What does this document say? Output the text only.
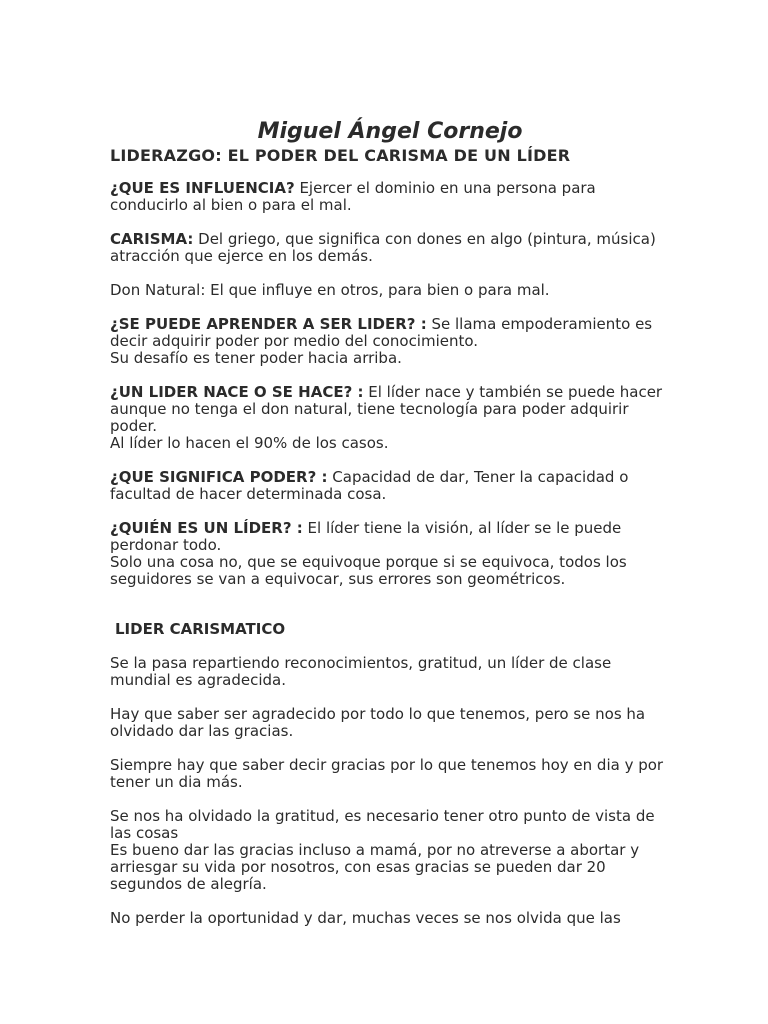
Miguel Ángel Cornejo
LIDERAZGO: EL PODER DEL CARISMA DE UN LÍDER

¿QUE ES INFLUENCIA? Ejercer el dominio en una persona para conducirlo al bien o para el mal.

CARISMA: Del griego, que significa con dones en algo (pintura, música) atracción que ejerce en los demás.

Don Natural: El que influye en otros, para bien o para mal.

¿SE PUEDE APRENDER A SER LIDER? : Se llama empoderamiento es decir adquirir poder por medio del conocimiento.
Su desafío es tener poder hacia arriba.

¿UN LIDER NACE O SE HACE? : El líder nace y también se puede hacer aunque no tenga el don natural, tiene tecnología para poder adquirir poder.
Al líder lo hacen el 90% de los casos.

¿QUE SIGNIFICA PODER? : Capacidad de dar, Tener la capacidad o facultad de hacer determinada cosa.

¿QUIÉN ES UN LÍDER? : El líder tiene la visión, al líder se le puede perdonar todo.
Solo una cosa no, que se equivoque porque si se equivoca, todos los seguidores se van a equivocar, sus errores son geométricos.

LIDER CARISMATICO

Se la pasa repartiendo reconocimientos, gratitud, un líder de clase mundial es agradecida.

Hay que saber ser agradecido por todo lo que tenemos, pero se nos ha olvidado dar las gracias.

Siempre hay que saber decir gracias por lo que tenemos hoy en dia y por tener un dia más.

Se nos ha olvidado la gratitud, es necesario tener otro punto de vista de las cosas
Es bueno dar las gracias incluso a mamá, por no atreverse a abortar y arriesgar su vida por nosotros, con esas gracias se pueden dar 20 segundos de alegría.

No perder la oportunidad y dar, muchas veces se nos olvida que las
